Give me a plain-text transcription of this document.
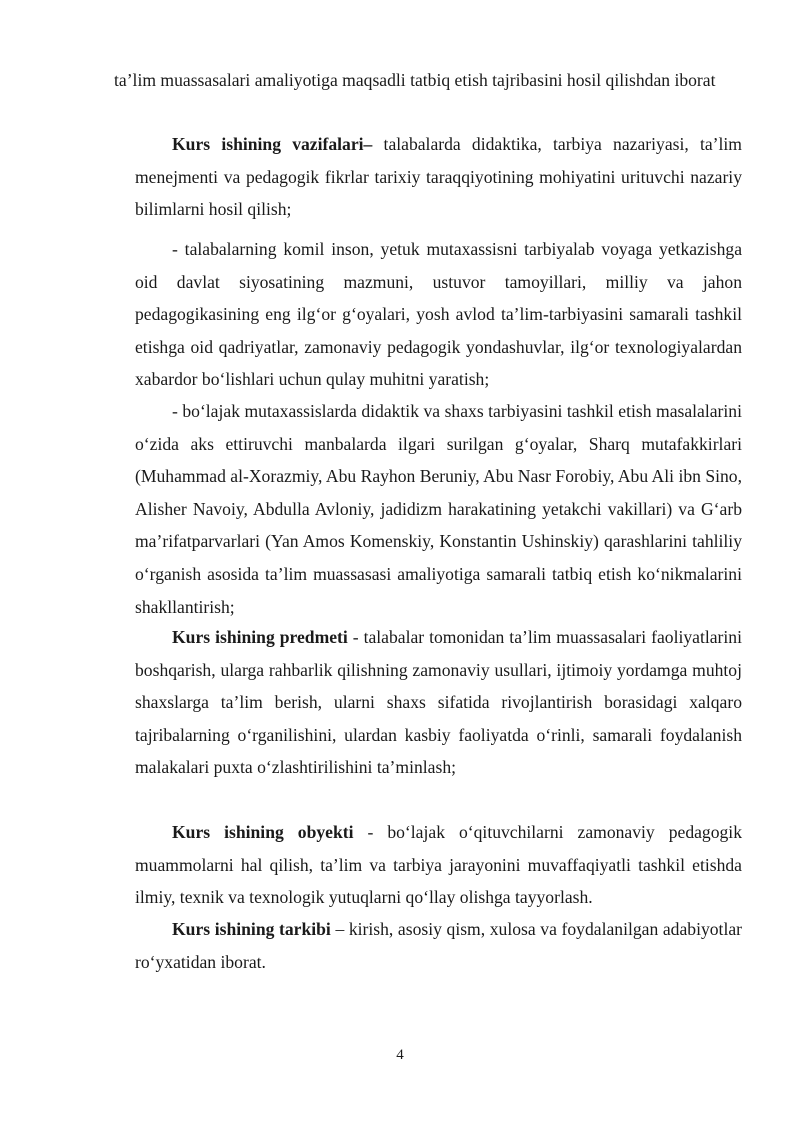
ta’lim muassasalari amaliyotiga maqsadli tatbiq etish tajribasini hosil qilishdan iborat

Kurs ishining vazifalari– talabalarda didaktika, tarbiya nazariyasi, ta’lim menejmenti va pedagogik fikrlar tarixiy taraqqiyotining mohiyatini urituvchi nazariy bilimlarni hosil qilish;

- talabalarning komil inson, yetuk mutaxassisni tarbiyalab voyaga yetkazishga oid davlat siyosatining mazmuni, ustuvor tamoyillari, milliy va jahon pedagogikasining eng ilg‘or g‘oyalari, yosh avlod ta’lim-tarbiyasini samarali tashkil etishga oid qadriyatlar, zamonaviy pedagogik yondashuvlar, ilg‘or texnologiyalardan xabardor bo‘lishlari uchun qulay muhitni yaratish;

- bo‘lajak mutaxassislarda didaktik va shaxs tarbiyasini tashkil etish masalalarini o‘zida aks ettiruvchi manbalarda ilgari surilgan g‘oyalar, Sharq mutafakkirlari (Muhammad al-Xorazmiy, Abu Rayhon Beruniy, Abu Nasr Forobiy, Abu Ali ibn Sino, Alisher Navoiy, Abdulla Avloniy, jadidizm harakatining yetakchi vakillari) va G‘arb ma’rifatparvarlari (Yan Amos Komenskiy, Konstantin Ushinskiy) qarashlarini tahliliy o‘rganish asosida ta’lim muassasasi amaliyotiga samarali tatbiq etish ko‘nikmalarini shakllantirish;

Kurs ishining predmeti - talabalar tomonidan ta’lim muassasalari faoliyatlarini boshqarish, ularga rahbarlik qilishning zamonaviy usullari, ijtimoiy yordamga muhtoj shaxslarga ta’lim berish, ularni shaxs sifatida rivojlantirish borasidagi xalqaro tajribalarning o‘rganilishini, ulardan kasbiy faoliyatda o‘rinli, samarali foydalanish malakalari puxta o‘zlashtirilishini ta’minlash;

Kurs ishining obyekti - bo‘lajak o‘qituvchilarni zamonaviy pedagogik muammolarni hal qilish, ta’lim va tarbiya jarayonini muvaffaqiyatli tashkil etishda ilmiy, texnik va texnologik yutuqlarni qo‘llay olishga tayyorlash.

Kurs ishining tarkibi – kirish, asosiy qism, xulosa va foydalanilgan adabiyotlar ro‘yxatidan iborat.

4
